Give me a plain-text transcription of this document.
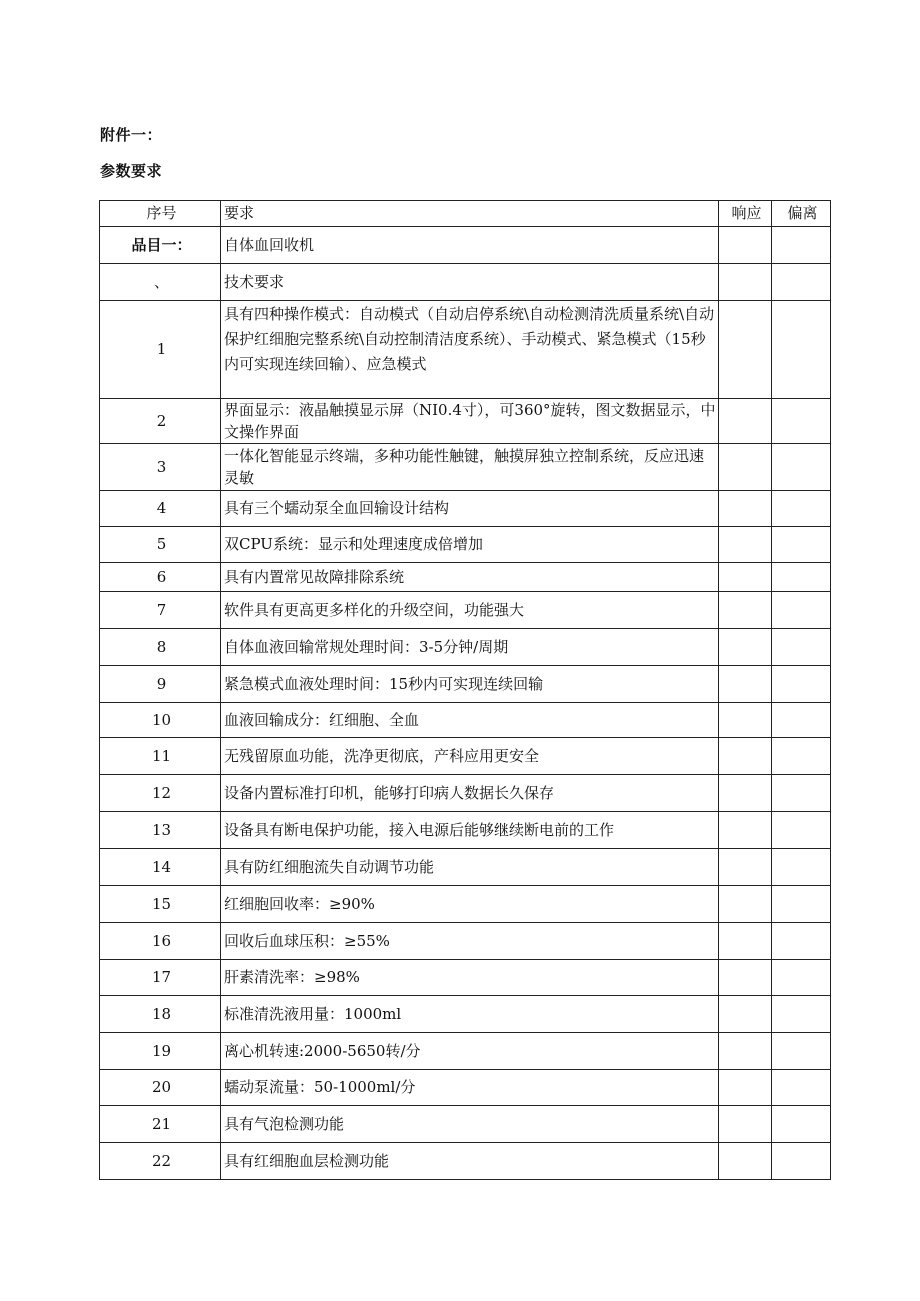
附件一：
参数要求
序号	要求	响应	偏离
品目一：	自体血回收机		
、	技术要求		
1	具有四种操作模式：自动模式（自动启停系统\自动检测清洗质量系统\自动保护红细胞完整系统\自动控制清洁度系统）、手动模式、紧急模式（15秒内可实现连续回输）、应急模式		
2	界面显示：液晶触摸显示屏（NI0.4寸），可360°旋转，图文数据显示，中文操作界面		
3	一体化智能显示终端，多种功能性触键，触摸屏独立控制系统，反应迅速灵敏		
4	具有三个蠕动泵全血回输设计结构		
5	双CPU系统：显示和处理速度成倍增加		
6	具有内置常见故障排除系统		
7	软件具有更高更多样化的升级空间，功能强大		
8	自体血液回输常规处理时间：3-5分钟/周期		
9	紧急模式血液处理时间：15秒内可实现连续回输		
10	血液回输成分：红细胞、全血		
11	无残留原血功能，洗净更彻底，产科应用更安全		
12	设备内置标准打印机，能够打印病人数据长久保存		
13	设备具有断电保护功能，接入电源后能够继续断电前的工作		
14	具有防红细胞流失自动调节功能		
15	红细胞回收率：≥90%		
16	回收后血球压积：≥55%		
17	肝素清洗率：≥98%		
18	标准清洗液用量：1000ml		
19	离心机转速:2000-5650转/分		
20	蠕动泵流量：50-1000ml/分		
21	具有气泡检测功能		
22	具有红细胞血层检测功能		
